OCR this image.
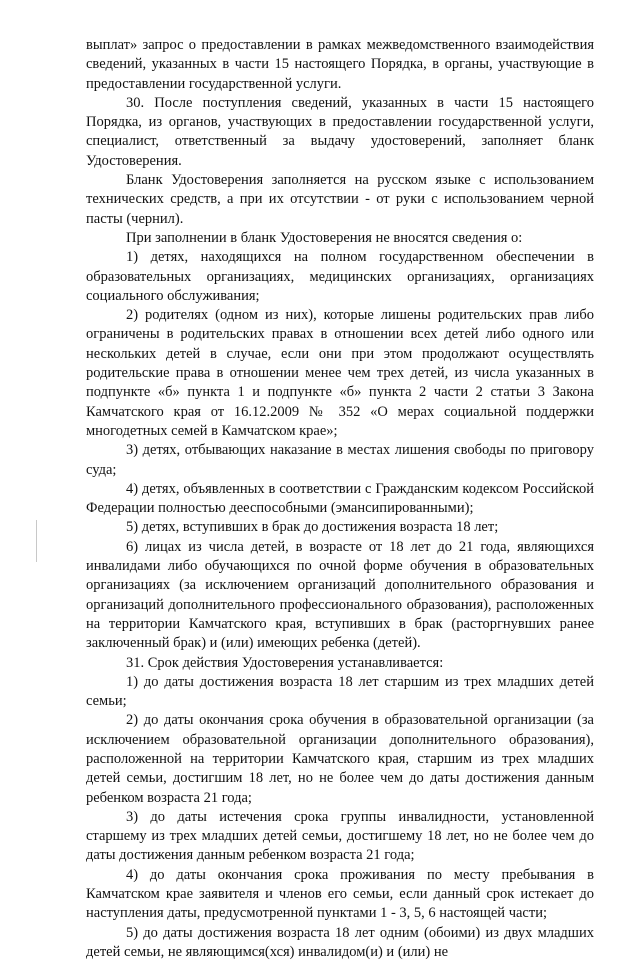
выплат» запрос о предоставлении в рамках межведомственного взаимодействия сведений, указанных в части 15 настоящего Порядка, в органы, участвующие в предоставлении государственной услуги.

30. После поступления сведений, указанных в части 15 настоящего Порядка, из органов, участвующих в предоставлении государственной услуги, специалист, ответственный за выдачу удостоверений, заполняет бланк Удостоверения.

Бланк Удостоверения заполняется на русском языке с использованием технических средств, а при их отсутствии - от руки с использованием черной пасты (чернил).

При заполнении в бланк Удостоверения не вносятся сведения о:

1) детях, находящихся на полном государственном обеспечении в образовательных организациях, медицинских организациях, организациях социального обслуживания;

2) родителях (одном из них), которые лишены родительских прав либо ограничены в родительских правах в отношении всех детей либо одного или нескольких детей в случае, если они при этом продолжают осуществлять родительские права в отношении менее чем трех детей, из числа указанных в подпункте «б» пункта 1 и подпункте «б» пункта 2 части 2 статьи 3 Закона Камчатского края от 16.12.2009 № 352 «О мерах социальной поддержки многодетных семей в Камчатском крае»;

3) детях, отбывающих наказание в местах лишения свободы по приговору суда;

4) детях, объявленных в соответствии с Гражданским кодексом Российской Федерации полностью дееспособными (эмансипированными);

5) детях, вступивших в брак до достижения возраста 18 лет;

6) лицах из числа детей, в возрасте от 18 лет до 21 года, являющихся инвалидами либо обучающихся по очной форме обучения в образовательных организациях (за исключением организаций дополнительного образования и организаций дополнительного профессионального образования), расположенных на территории Камчатского края, вступивших в брак (расторгнувших ранее заключенный брак) и (или) имеющих ребенка (детей).

31. Срок действия Удостоверения устанавливается:

1) до даты достижения возраста 18 лет старшим из трех младших детей семьи;

2) до даты окончания срока обучения в образовательной организации (за исключением образовательной организации дополнительного образования), расположенной на территории Камчатского края, старшим из трех младших детей семьи, достигшим 18 лет, но не более чем до даты достижения данным ребенком возраста 21 года;

3) до даты истечения срока группы инвалидности, установленной старшему из трех младших детей семьи, достигшему 18 лет, но не более чем до даты достижения данным ребенком возраста 21 года;

4) до даты окончания срока проживания по месту пребывания в Камчатском крае заявителя и членов его семьи, если данный срок истекает до наступления даты, предусмотренной пунктами 1 - 3, 5, 6 настоящей части;

5) до даты достижения возраста 18 лет одним (обоими) из двух младших детей семьи, не являющимся(хся) инвалидом(и) и (или) не
